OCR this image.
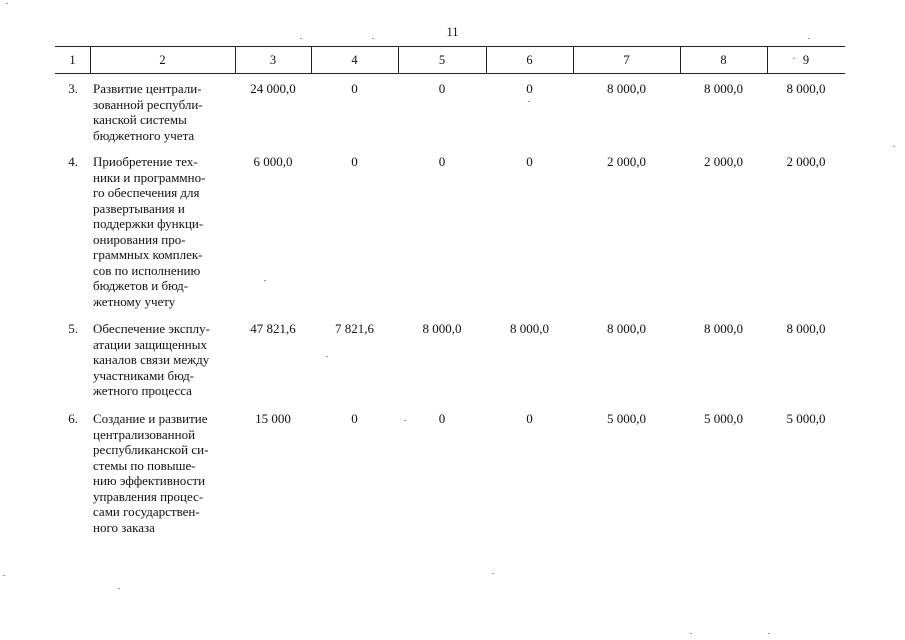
11
1	2	3	4	5	6	7	8	9
3. Развитие централи-
зованной республи-
канской системы
бюджетного учета
24 000,0	0	0	0	8 000,0	8 000,0	8 000,0
4. Приобретение тех-
ники и программно-
го обеспечения для
развертывания и
поддержки функци-
онирования про-
граммных комплек-
сов по исполнению
бюджетов и бюд-
жетному учету
6 000,0	0	0	0	2 000,0	2 000,0	2 000,0
5. Обеспечение эксплу-
атации защищенных
каналов связи между
участниками бюд-
жетного процесса
47 821,6	7 821,6	8 000,0	8 000,0	8 000,0	8 000,0	8 000,0
6. Создание и развитие
централизованной
республиканской си-
стемы по повыше-
нию эффективности
управления процес-
сами государствен-
ного заказа
15 000	0	0	0	5 000,0	5 000,0	5 000,0
